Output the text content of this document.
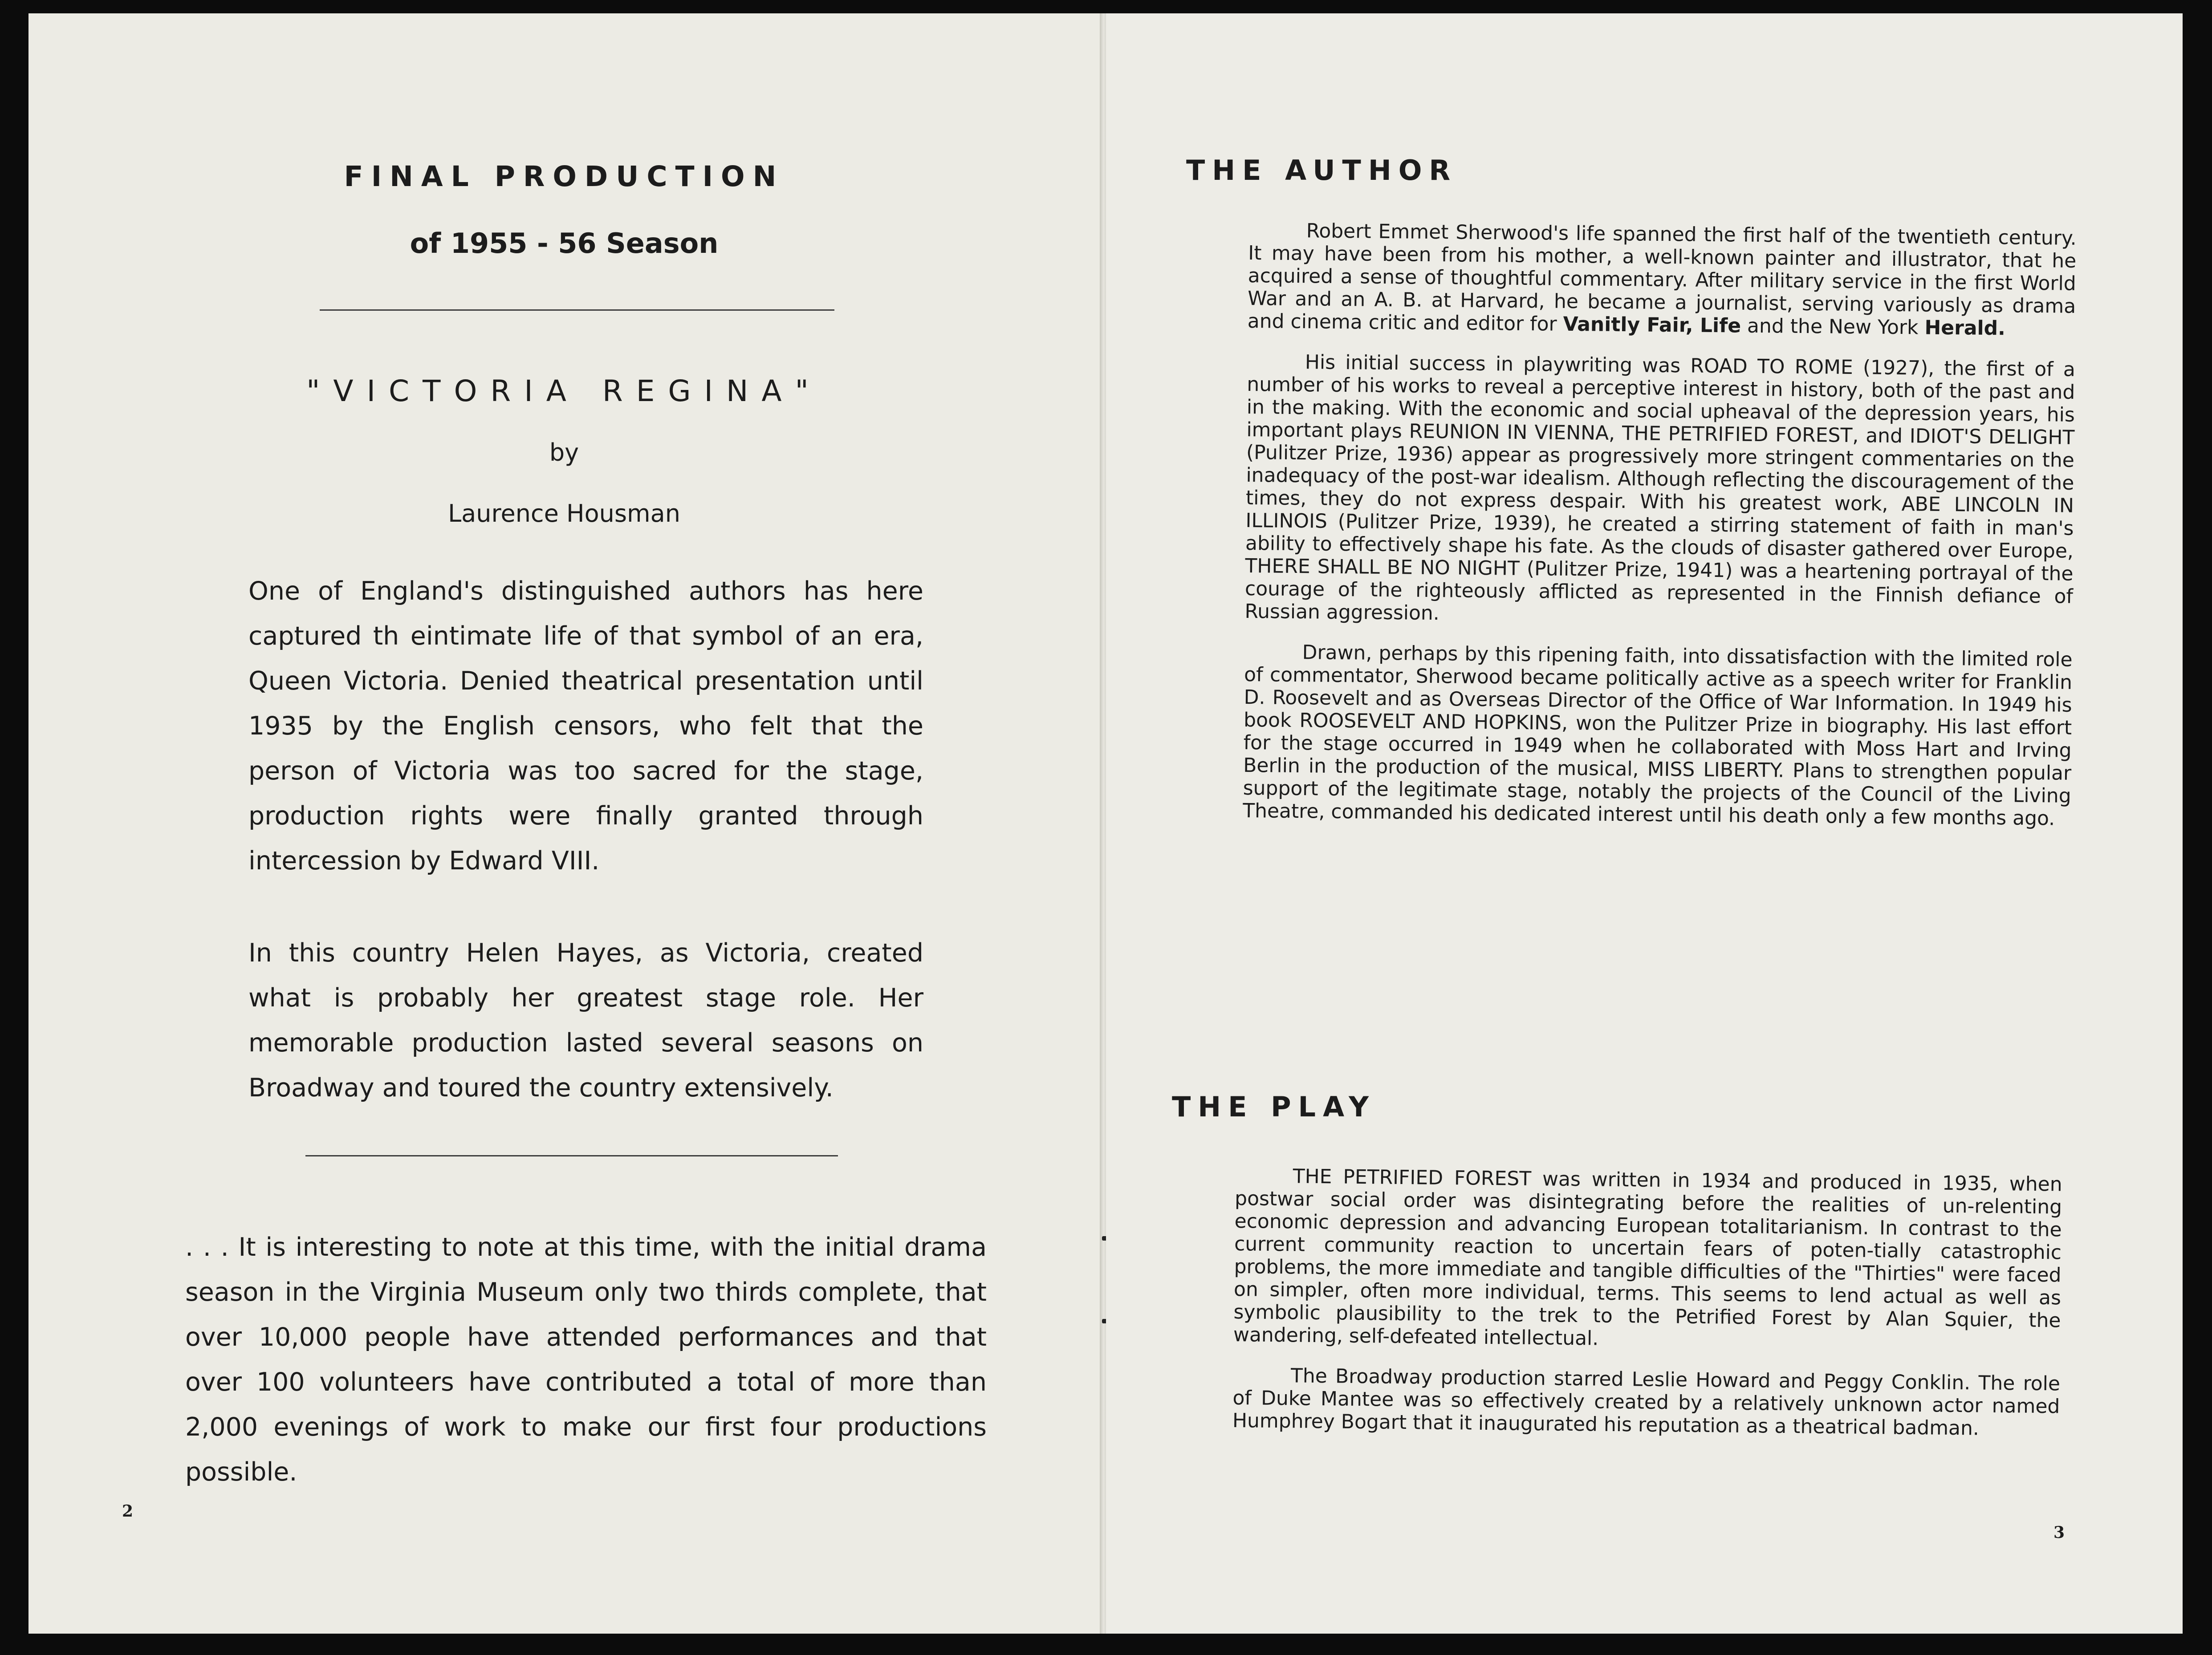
FINAL PRODUCTION
of 1955 - 56 Season
"VICTORIA REGINA"
by
Laurence Housman
One of England's distinguished authors has here captured th eintimate life of that symbol of an era, Queen Victoria. Denied theatrical presentation until 1935 by the English censors, who felt that the person of Victoria was too sacred for the stage, production rights were finally granted through intercession by Edward VIII.
In this country Helen Hayes, as Victoria, created what is probably her greatest stage role. Her memorable production lasted several seasons on Broadway and toured the country extensively.
. . . It is interesting to note at this time, with the initial drama season in the Virginia Museum only two thirds complete, that over 10,000 people have attended performances and that over 100 volunteers have contributed a total of more than 2,000 evenings of work to make our first four productions possible.
2
THE AUTHOR

Robert Emmet Sherwood's life spanned the first half of the twentieth century. It may have been from his mother, a well-known painter and illustrator, that he acquired a sense of thoughtful commentary. After military service in the first World War and an A. B. at Harvard, he became a journalist, serving variously as drama and cinema critic and editor for Vanitly Fair, Life and the New York Herald.

His initial success in playwriting was ROAD TO ROME (1927), the first of a number of his works to reveal a perceptive interest in history, both of the past and in the making. With the economic and social upheaval of the depression years, his important plays REUNION IN VIENNA, THE PETRIFIED FOREST, and IDIOT'S DELIGHT (Pulitzer Prize, 1936) appear as progressively more stringent commentaries on the inadequacy of the post-war idealism. Although reflecting the discouragement of the times, they do not express despair. With his greatest work, ABE LINCOLN IN ILLINOIS (Pulitzer Prize, 1939), he created a stirring statement of faith in man's ability to effectively shape his fate. As the clouds of disaster gathered over Europe, THERE SHALL BE NO NIGHT (Pulitzer Prize, 1941) was a heartening portrayal of the courage of the righteously afflicted as represented in the Finnish defiance of Russian aggression.

Drawn, perhaps by this ripening faith, into dissatisfaction with the limited role of commentator, Sherwood became politically active as a speech writer for Franklin D. Roosevelt and as Overseas Director of the Office of War Information. In 1949 his book ROOSEVELT AND HOPKINS, won the Pulitzer Prize in biography. His last effort for the stage occurred in 1949 when he collaborated with Moss Hart and Irving Berlin in the production of the musical, MISS LIBERTY. Plans to strengthen popular support of the legitimate stage, notably the projects of the Council of the Living Theatre, commanded his dedicated interest until his death only a few months ago.

THE PLAY

THE PETRIFIED FOREST was written in 1934 and produced in 1935, when postwar social order was disintegrating before the realities of un-relenting economic depression and advancing European totalitarianism. In contrast to the current community reaction to uncertain fears of poten-tially catastrophic problems, the more immediate and tangible difficulties of the "Thirties" were faced on simpler, often more individual, terms. This seems to lend actual as well as symbolic plausibility to the trek to the Petrified Forest by Alan Squier, the wandering, self-defeated intellectual.

The Broadway production starred Leslie Howard and Peggy Conklin. The role of Duke Mantee was so effectively created by a relatively unknown actor named Humphrey Bogart that it inaugurated his reputation as a theatrical badman.

3
